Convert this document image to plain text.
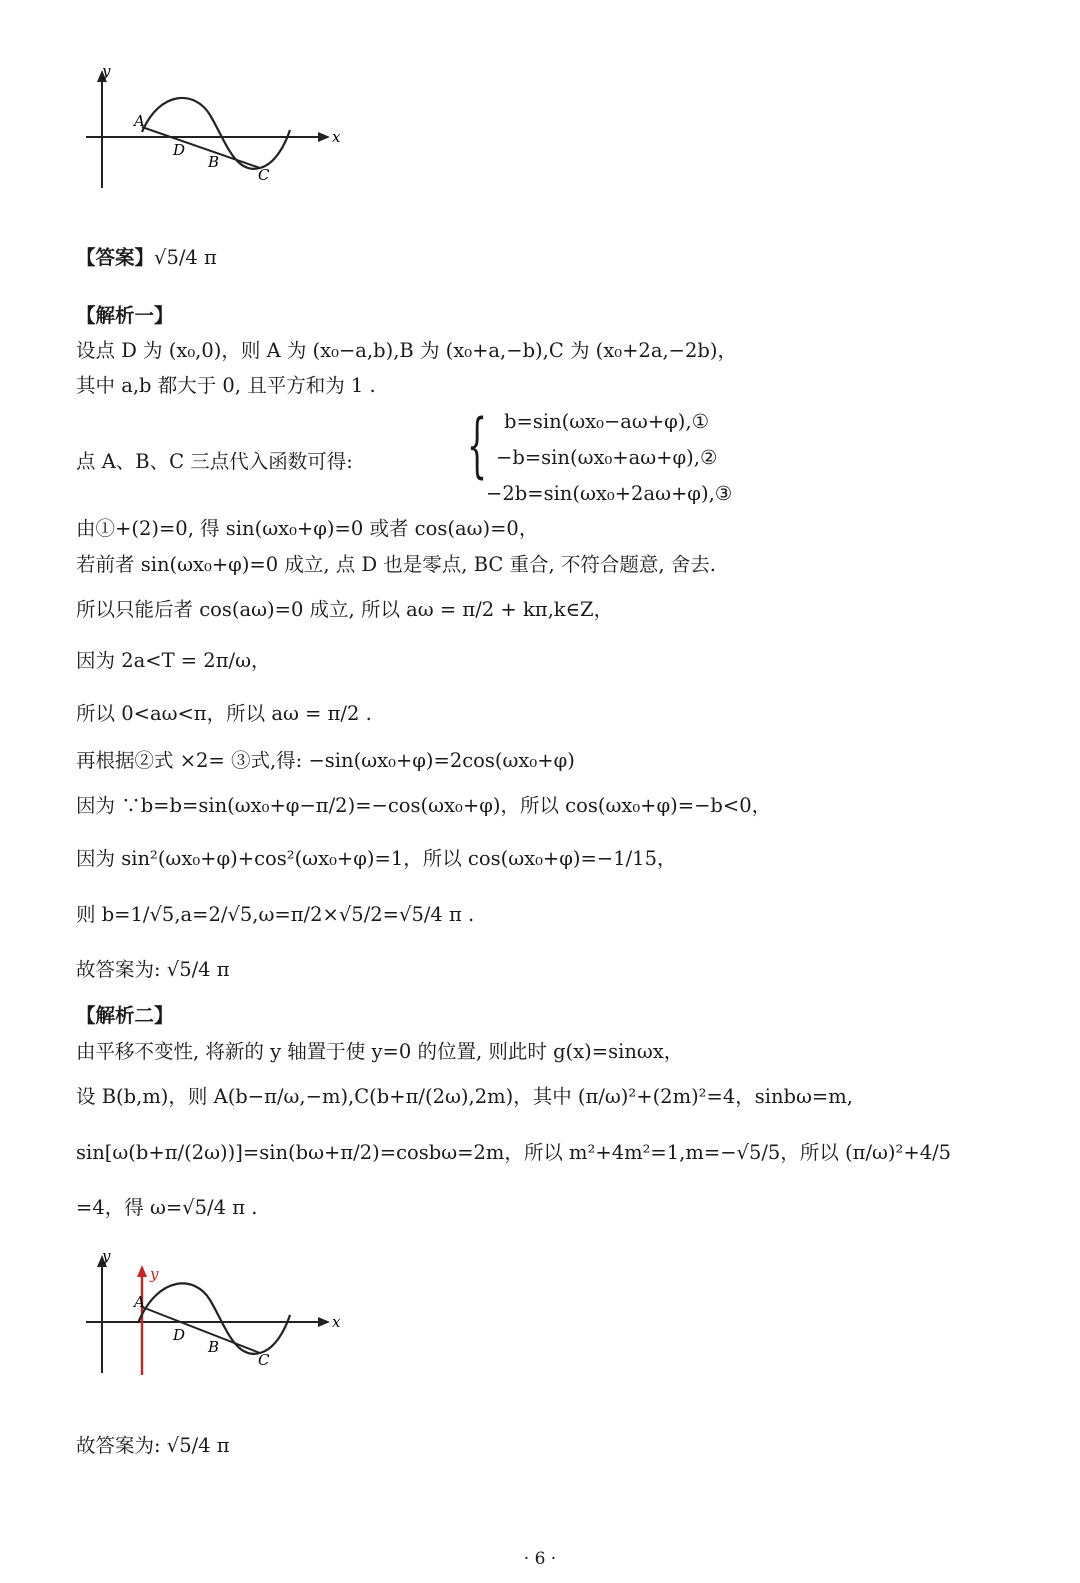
y
x
A
D
B
C
【答案】√5/4 π
【解析一】
设点 D 为 (x₀,0)，则 A 为 (x₀−a,b),B 为 (x₀+a,−b),C 为 (x₀+2a,−2b)，
其中 a,b 都大于 0, 且平方和为 1 .
点 A、B、C 三点代入函数可得: { b=sin(ωx₀−aω+φ),①
−b=sin(ωx₀+aω+φ),②
−2b=sin(ωx₀+2aω+φ),③
由①+(2)=0, 得 sin(ωx₀+φ)=0 或者 cos(aω)=0，
若前者 sin(ωx₀+φ)=0 成立, 点 D 也是零点, BC 重合, 不符合题意, 舍去.
所以只能后者 cos(aω)=0 成立, 所以 aω = π/2 + kπ,k∈Z，
因为 2a<T = 2π/ω，
所以 0<aω<π，所以 aω = π/2 .
再根据②式 ×2= ③式,得: −sin(ωx₀+φ)=2cos(ωx₀+φ)
因为 ∵b=b=sin(ωx₀+φ−π/2)=−cos(ωx₀+φ)，所以 cos(ωx₀+φ)=−b<0，
因为 sin²(ωx₀+φ)+cos²(ωx₀+φ)=1，所以 cos(ωx₀+φ)=−1/15，
则 b=1/√5,a=2/√5,ω=π/2×√5/2=√5/4 π .
故答案为: √5/4 π
【解析二】
由平移不变性, 将新的 y 轴置于使 y=0 的位置, 则此时 g(x)=sinωx，
设 B(b,m)，则 A(b−π/ω,−m),C(b+π/(2ω),2m)，其中 (π/ω)²+(2m)²=4，sinbω=m,
sin[ω(b+π/(2ω))]=sin(bω+π/2)=cosbω=2m，所以 m²+4m²=1,m=−√5/5，所以 (π/ω)²+4/5
=4，得 ω=√5/4 π .
y
y
x
A
D
B
C
故答案为: √5/4 π
· 6 ·
